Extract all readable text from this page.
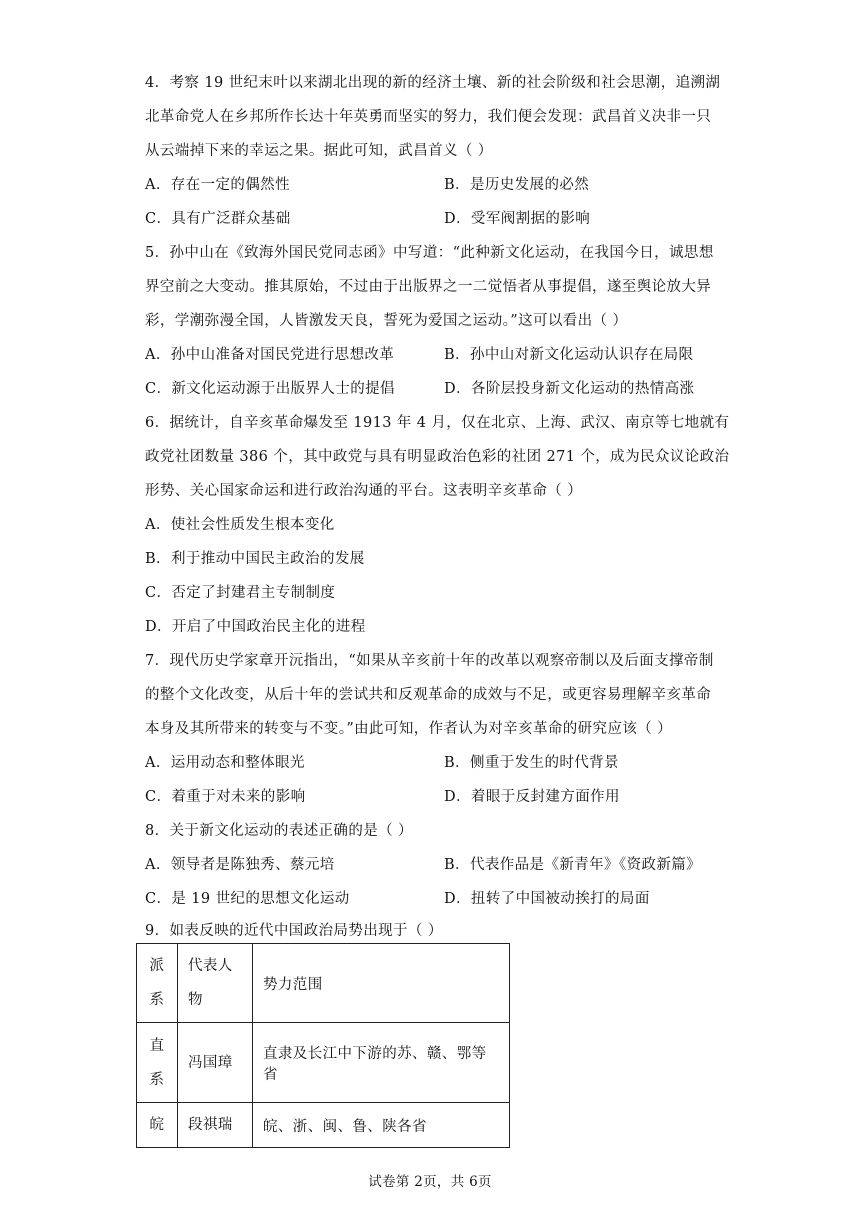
4．考察 19 世纪末叶以来湖北出现的新的经济土壤、新的社会阶级和社会思潮，追溯湖
北革命党人在乡邦所作长达十年英勇而坚实的努力，我们便会发现：武昌首义决非一只
从云端掉下来的幸运之果。据此可知，武昌首义（ ）
A．存在一定的偶然性	B．是历史发展的必然
C．具有广泛群众基础	D．受军阀割据的影响
5．孙中山在《致海外国民党同志函》中写道：“此种新文化运动，在我国今日，诚思想
界空前之大变动。推其原始，不过由于出版界之一二觉悟者从事提倡，遂至舆论放大异
彩，学潮弥漫全国，人皆激发天良，誓死为爱国之运动。”这可以看出（ ）
A．孙中山准备对国民党进行思想改革	B．孙中山对新文化运动认识存在局限
C．新文化运动源于出版界人士的提倡	D．各阶层投身新文化运动的热情高涨
6．据统计，自辛亥革命爆发至 1913 年 4 月，仅在北京、上海、武汉、南京等七地就有
政党社团数量 386 个，其中政党与具有明显政治色彩的社团 271 个，成为民众议论政治
形势、关心国家命运和进行政治沟通的平台。这表明辛亥革命（ ）
A．使社会性质发生根本变化
B．利于推动中国民主政治的发展
C．否定了封建君主专制制度
D．开启了中国政治民主化的进程
7．现代历史学家章开沅指出，“如果从辛亥前十年的改革以观察帝制以及后面支撑帝制
的整个文化改变，从后十年的尝试共和反观革命的成效与不足，或更容易理解辛亥革命
本身及其所带来的转变与不变。”由此可知，作者认为对辛亥革命的研究应该（ ）
A．运用动态和整体眼光	B．侧重于发生的时代背景
C．着重于对未来的影响	D．着眼于反封建方面作用
8．关于新文化运动的表述正确的是（ ）
A．领导者是陈独秀、蔡元培	B．代表作品是《新青年》《资政新篇》
C．是 19 世纪的思想文化运动	D．扭转了中国被动挨打的局面
9．如表反映的近代中国政治局势出现于（ ）
派系	代表人物	势力范围
直系	冯国璋	直隶及长江中下游的苏、赣、鄂等省
皖	段祺瑞	皖、浙、闽、鲁、陕各省
试卷第 2页，共 6页
